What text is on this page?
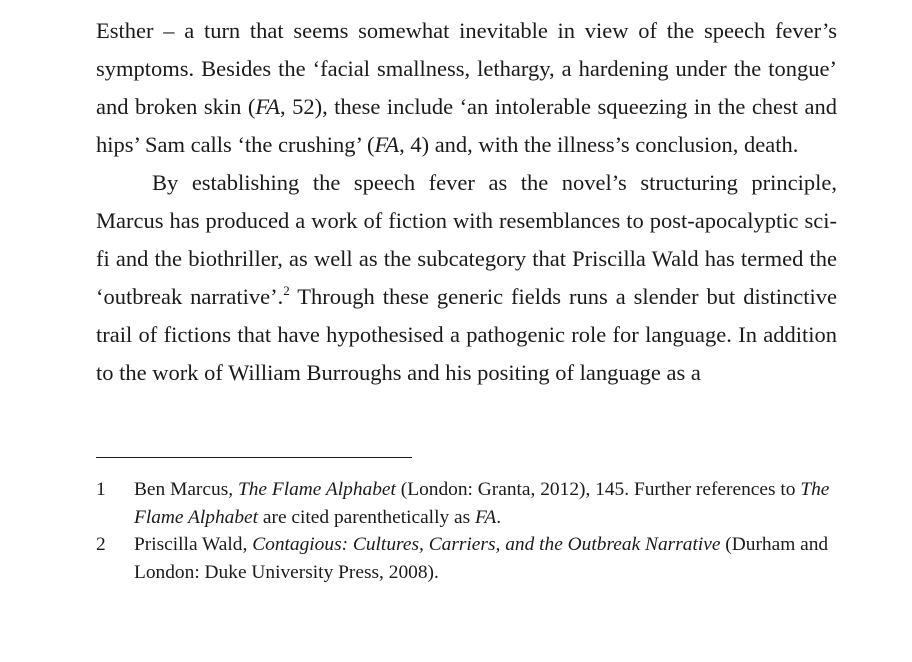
Esther – a turn that seems somewhat inevitable in view of the speech fever’s symptoms. Besides the ‘facial smallness, lethargy, a hardening under the tongue’ and broken skin (FA, 52), these include ‘an intolerable squeezing in the chest and hips’ Sam calls ‘the crushing’ (FA, 4) and, with the illness’s conclusion, death.

By establishing the speech fever as the novel’s structuring principle, Marcus has produced a work of fiction with resemblances to post-apocalyptic sci-fi and the biothriller, as well as the subcategory that Priscilla Wald has termed the ‘outbreak narrative’.$^2$ Through these generic fields runs a slender but distinctive trail of fictions that have hypothesised a pathogenic role for language. In addition to the work of William Burroughs and his positing of language as a

1 Ben Marcus, The Flame Alphabet (London: Granta, 2012), 145. Further references to The Flame Alphabet are cited parenthetically as FA.
2 Priscilla Wald, Contagious: Cultures, Carriers, and the Outbreak Narrative (Durham and London: Duke University Press, 2008).
